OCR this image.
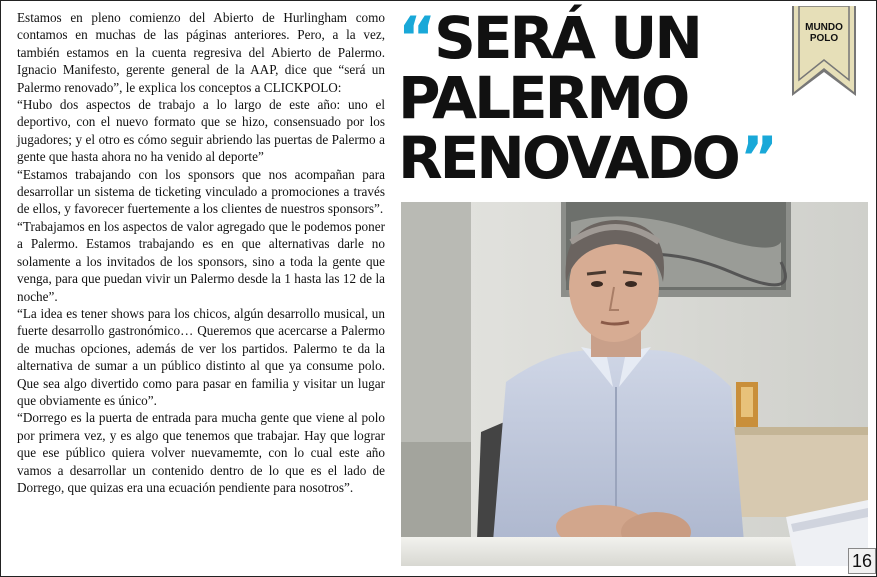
Estamos en pleno comienzo del Abierto de Hurlingham como contamos en muchas de las páginas anteriores. Pero, a la vez, también estamos en la cuenta regresiva del Abierto de Palermo. Ignacio Manifesto, gerente general de la AAP, dice que “será un Palermo renovado”, le explica los conceptos a CLICKPOLO:

“Hubo dos aspectos de trabajo a lo largo de este año: uno el deportivo, con el nuevo formato que se hizo, consensuado por los jugadores; y el otro es cómo seguir abriendo las puertas de Palermo a gente que hasta ahora no ha venido al deporte”

“Estamos trabajando con los sponsors que nos acompañan para desarrollar un sistema de ticketing vinculado a promociones a través de ellos, y favorecer fuertemente a los clientes de nuestros sponsors”.

“Trabajamos en los aspectos de valor agregado que le podemos poner a Palermo. Estamos trabajando es en que alternativas darle no solamente a los invitados de los sponsors, sino a toda la gente que venga, para que puedan vivir un Palermo desde la 1 hasta las 12 de la noche”.

“La idea es tener shows para los chicos, algún desarrollo musical, un fuerte desarrollo gastronómico… Queremos que acercarse a Palermo de muchas opciones, además de ver los partidos. Palermo te da la alternativa de sumar a un público distinto al que ya consume polo. Que sea algo divertido como para pasar en familia y visitar un lugar que obviamente es único”.

“Dorrego es la puerta de entrada para mucha gente que viene al polo por primera vez, y es algo que tenemos que trabajar. Hay que lograr que ese público quiera volver nuevamemte, con lo cual este año vamos a desarrollar un contenido dentro de lo que es el lado de Dorrego, que quizas era una ecuación pendiente para nosotros”.

“SERÁ UN
PALERMO
RENOVADO”
MUNDO
POLO
16
